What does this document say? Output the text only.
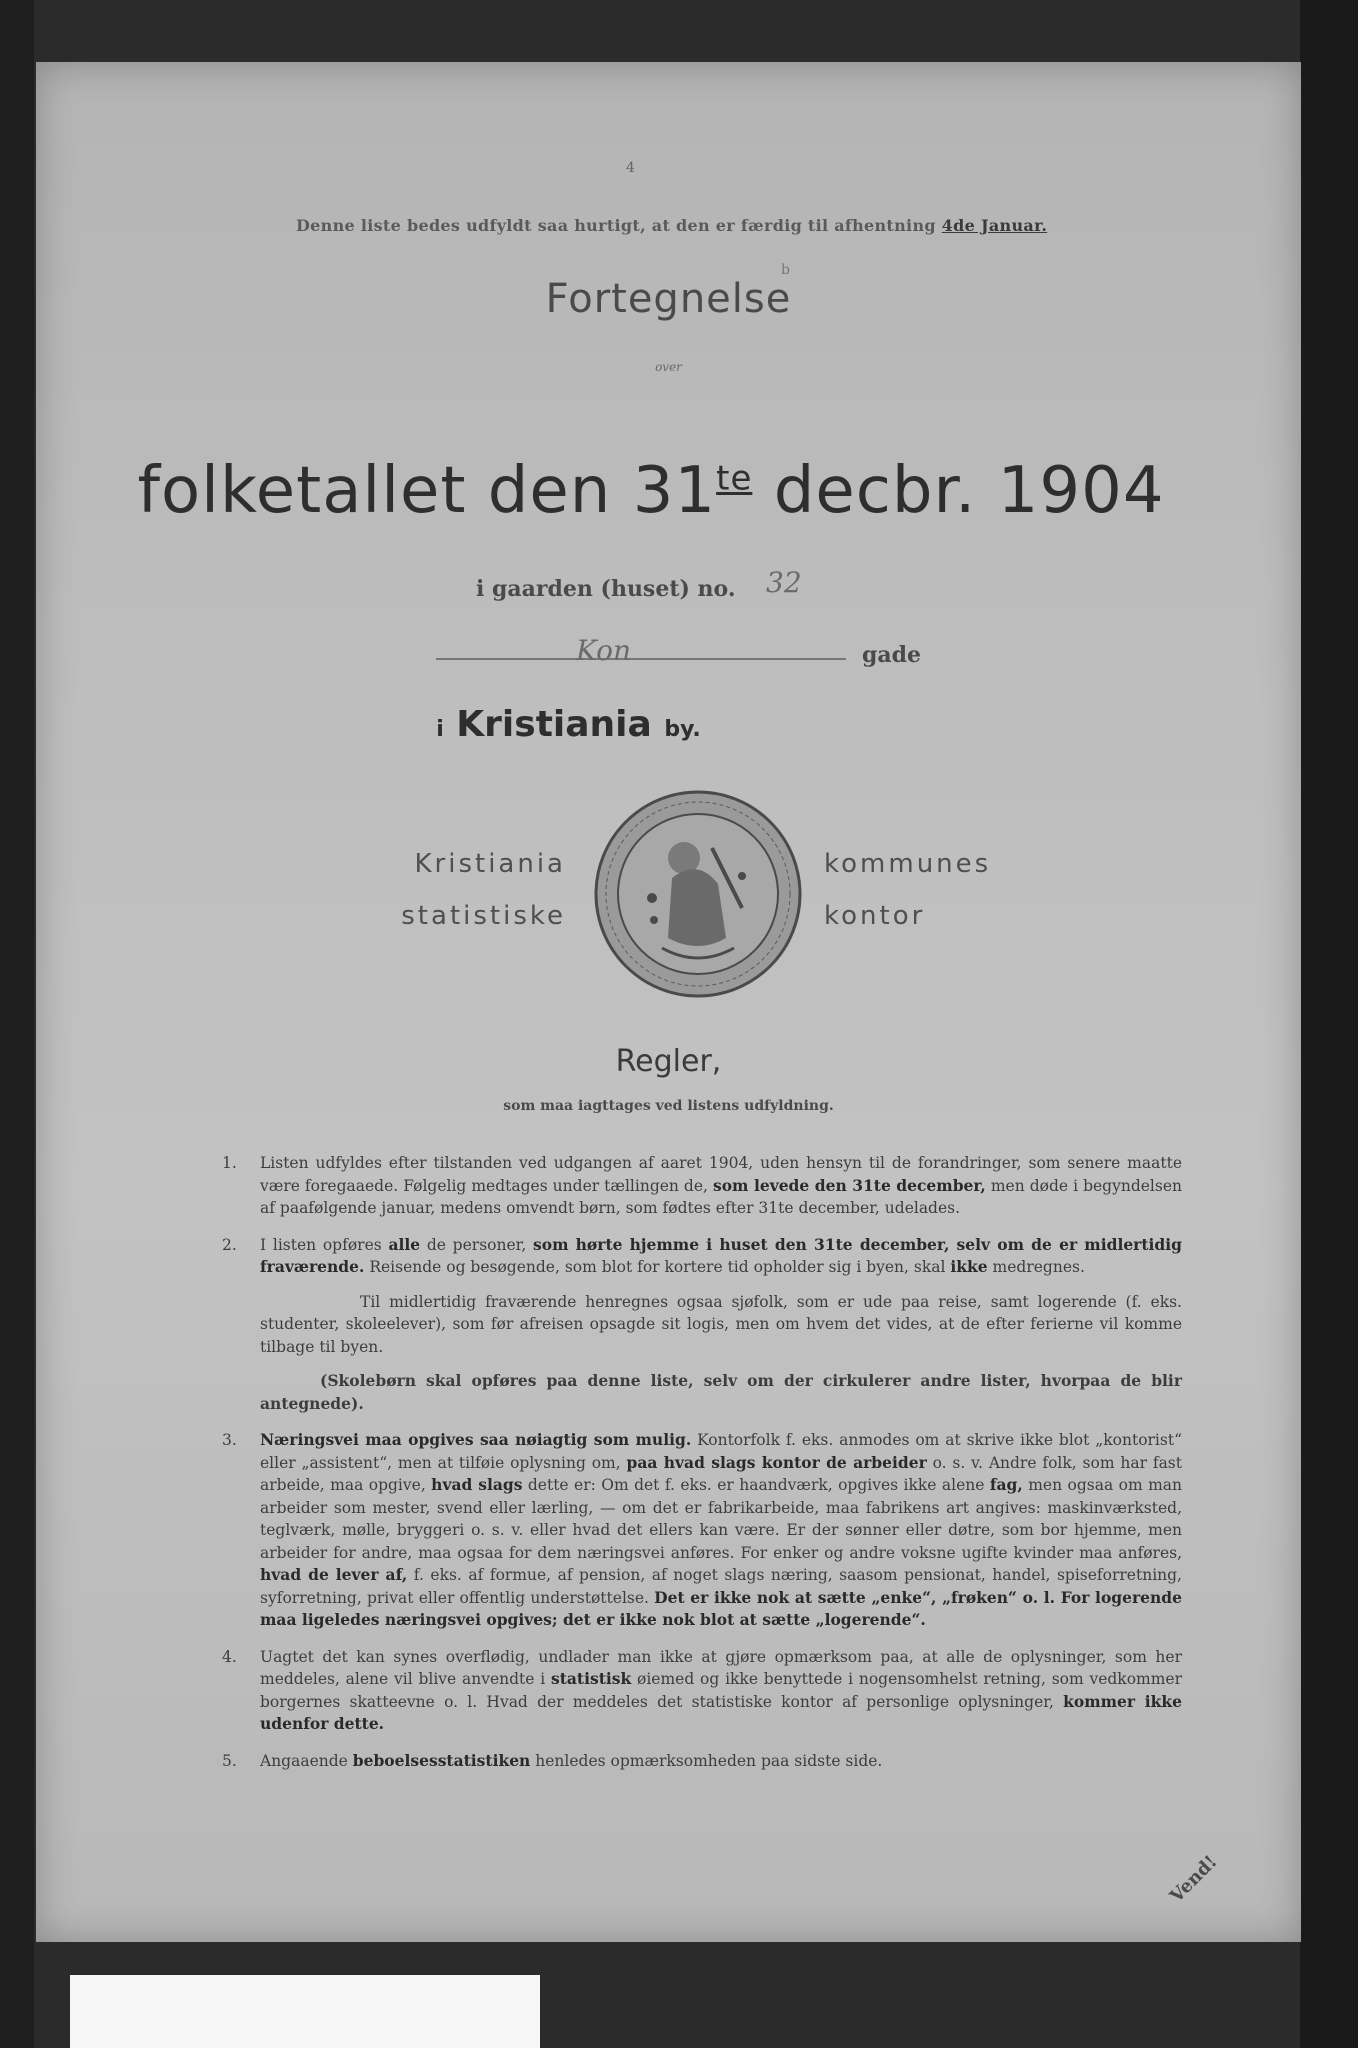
4
Denne liste bedes udfyldt saa hurtigt, at den er færdig til afhentning 4de Januar.
b
Fortegnelse
over
folketallet den $31^{te}$ decbr. 1904
i gaarden (huset) no. 32
Kon	gade
i Kristiania by.
Kristiania
statistiske
kommunes
kontor
Regler,
som maa iagttages ved listens udfyldning.
1. Listen udfyldes efter tilstanden ved udgangen af aaret 1904, uden hensyn til de forandringer, som senere maatte være foregaaede. Følgelig medtages under tællingen de, som levede den 31te december, men døde i begyndelsen af paafølgende januar, medens omvendt børn, som fødtes efter 31te december, udelades.

2. I listen opføres alle de personer, som hørte hjemme i huset den 31te december, selv om de er midlertidig fraværende. Reisende og besøgende, som blot for kortere tid opholder sig i byen, skal ikke medregnes.

Til midlertidig fraværende henregnes ogsaa sjøfolk, som er ude paa reise, samt logerende (f. eks. studenter, skoleelever), som før afreisen opsagde sit logis, men om hvem det vides, at de efter ferierne vil komme tilbage til byen.

(Skolebørn skal opføres paa denne liste, selv om der cirkulerer andre lister, hvorpaa de blir antegnede).

3. Næringsvei maa opgives saa nøiagtig som mulig. Kontorfolk f. eks. anmodes om at skrive ikke blot „kontorist“ eller „assistent“, men at tilføie oplysning om, paa hvad slags kontor de arbeider o. s. v. Andre folk, som har fast arbeide, maa opgive, hvad slags dette er: Om det f. eks. er haandværk, opgives ikke alene fag, men ogsaa om man arbeider som mester, svend eller lærling, — om det er fabrikarbeide, maa fabrikens art angives: maskinværksted, teglværk, mølle, bryggeri o. s. v. eller hvad det ellers kan være. Er der sønner eller døtre, som bor hjemme, men arbeider for andre, maa ogsaa for dem næringsvei anføres. For enker og andre voksne ugifte kvinder maa anføres, hvad de lever af, f. eks. af formue, af pension, af noget slags næring, saasom pensionat, handel, spiseforretning, syforretning, privat eller offentlig understøttelse. Det er ikke nok at sætte „enke“, „frøken“ o. l. For logerende maa ligeledes næringsvei opgives; det er ikke nok blot at sætte „logerende“.

4. Uagtet det kan synes overflødig, undlader man ikke at gjøre opmærksom paa, at alle de oplysninger, som her meddeles, alene vil blive anvendte i statistisk øiemed og ikke benyttede i nogensomhelst retning, som vedkommer borgernes skatteevne o. l. Hvad der meddeles det statistiske kontor af personlige oplysninger, kommer ikke udenfor dette.

5. Angaaende beboelsesstatistiken henledes opmærksomheden paa sidste side.

Vend!
